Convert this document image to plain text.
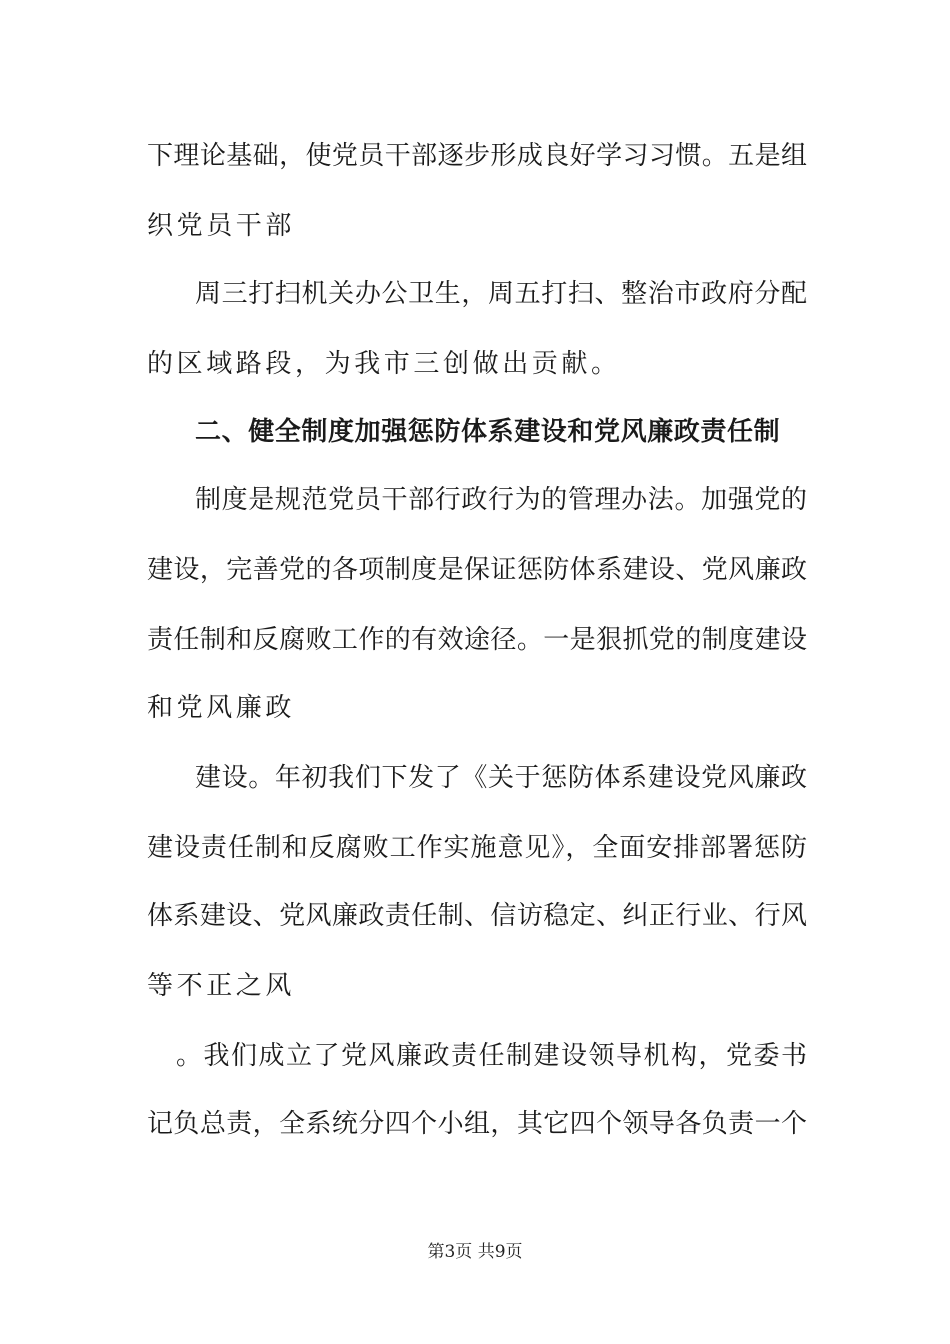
下理论基础，使党员干部逐步形成良好学习习惯。五是组
织党员干部
周三打扫机关办公卫生，周五打扫、整治市政府分配
的区域路段，为我市三创做出贡献。
二、健全制度加强惩防体系建设和党风廉政责任制
制度是规范党员干部行政行为的管理办法。加强党的
建设，完善党的各项制度是保证惩防体系建设、党风廉政
责任制和反腐败工作的有效途径。一是狠抓党的制度建设
和党风廉政
建设。年初我们下发了《关于惩防体系建设党风廉政
建设责任制和反腐败工作实施意见》，全面安排部署惩防
体系建设、党风廉政责任制、信访稳定、纠正行业、行风
等不正之风
。我们成立了党风廉政责任制建设领导机构，党委书
记负总责，全系统分四个小组，其它四个领导各负责一个
第3页 共9页
